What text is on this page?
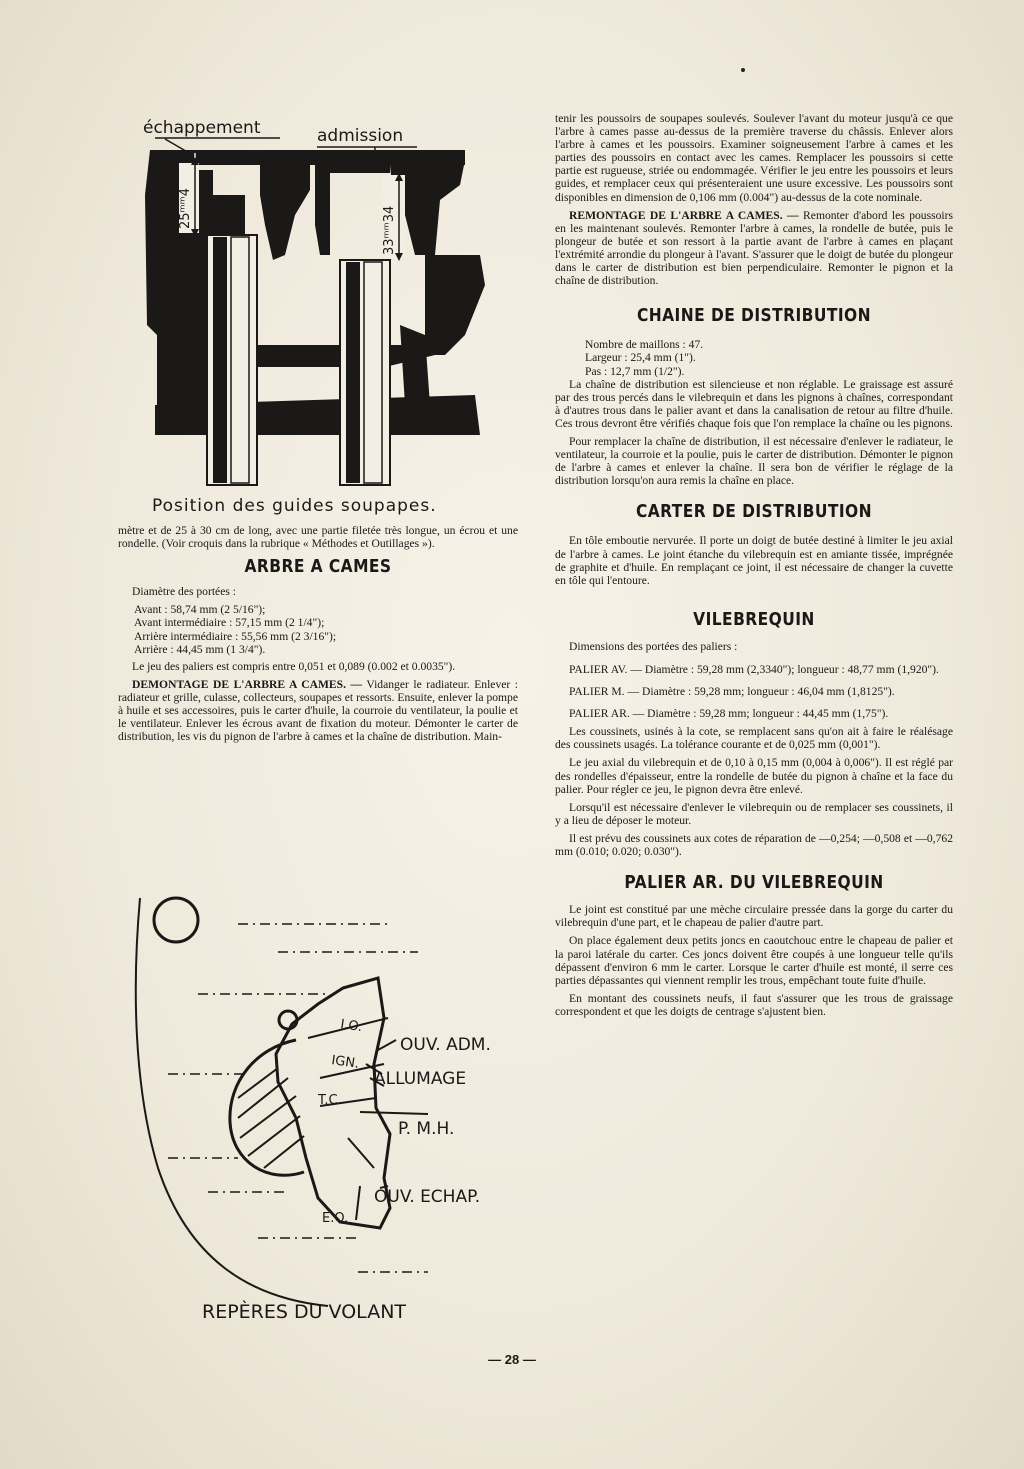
échappement	admission
25ᵐᵐ4	33ᵐᵐ34
Position des guides soupapes.

mètre et de 25 à 30 cm de long, avec une partie filetée très longue, un écrou et une rondelle. (Voir croquis dans la rubrique « Méthodes et Outillages »).

ARBRE A CAMES

Diamètre des portées :

Avant : 58,74 mm (2 5/16");
Avant intermédiaire : 57,15 mm (2 1/4");
Arrière intermédiaire : 55,56 mm (2 3/16");
Arrière : 44,45 mm (1 3/4").

Le jeu des paliers est compris entre 0,051 et 0,089 (0.002 et 0.0035").

DEMONTAGE DE L'ARBRE A CAMES. — Vidanger le radiateur. Enlever : radiateur et grille, culasse, collecteurs, soupapes et ressorts. Ensuite, enlever la pompe à huile et ses accessoires, puis le carter d'huile, la courroie du ventilateur, la poulie et le ventilateur. Enlever les écrous avant de fixation du moteur. Démonter le carter de distribution, les vis du pignon de l'arbre à cames et la chaîne de distribution. Main-

I.O.
IGN.
T.C.
E.O.
OUV. ADM.
ALLUMAGE
P. M.H.
OUV. ECHAP.
REPÈRES DU VOLANT

tenir les poussoirs de soupapes soulevés. Soulever l'avant du moteur jusqu'à ce que l'arbre à cames passe au-dessus de la première traverse du châssis. Enlever alors l'arbre à cames et les poussoirs. Examiner soigneusement l'arbre à cames et les parties des poussoirs en contact avec les cames. Remplacer les poussoirs si cette partie est rugueuse, striée ou endommagée. Vérifier le jeu entre les poussoirs et leurs guides, et remplacer ceux qui présenteraient une usure excessive. Les poussoirs sont disponibles en dimension de 0,106 mm (0.004") au-dessus de la cote nominale.

REMONTAGE DE L'ARBRE A CAMES. — Remonter d'abord les poussoirs en les maintenant soulevés. Remonter l'arbre à cames, la rondelle de butée, puis le plongeur de butée et son ressort à la partie avant de l'arbre à cames en plaçant l'extrémité arrondie du plongeur à l'avant. S'assurer que le doigt de butée du plongeur dans le carter de distribution est bien perpendiculaire. Remonter le pignon et la chaîne de distribution.

CHAINE DE DISTRIBUTION
Nombre de maillons : 47.
Largeur : 25,4 mm (1").
Pas : 12,7 mm (1/2").

La chaîne de distribution est silencieuse et non réglable. Le graissage est assuré par des trous percés dans le vilebrequin et dans les pignons à chaînes, correspondant à d'autres trous dans le palier avant et dans la canalisation de retour au filtre d'huile. Ces trous devront être vérifiés chaque fois que l'on remplace la chaîne ou les pignons.

Pour remplacer la chaîne de distribution, il est nécessaire d'enlever le radiateur, le ventilateur, la courroie et la poulie, puis le carter de distribution. Démonter le pignon de l'arbre à cames et enlever la chaîne. Il sera bon de vérifier le réglage de la distribution lorsqu'on aura remis la chaîne en place.

CARTER DE DISTRIBUTION

En tôle emboutie nervurée. Il porte un doigt de butée destiné à limiter le jeu axial de l'arbre à cames. Le joint étanche du vilebrequin est en amiante tissée, imprégnée de graphite et d'huile. En remplaçant ce joint, il est nécessaire de changer la cuvette en tôle qui l'entoure.

VILEBREQUIN

Dimensions des portées des paliers :

PALIER AV. — Diamètre : 59,28 mm (2,3340"); longueur : 48,77 mm (1,920").

PALIER M. — Diamètre : 59,28 mm; longueur : 46,04 mm (1,8125").

PALIER AR. — Diamètre : 59,28 mm; longueur : 44,45 mm (1,75").

Les coussinets, usinés à la cote, se remplacent sans qu'on ait à faire le réalésage des coussinets usagés. La tolérance courante et de 0,025 mm (0,001").

Le jeu axial du vilebrequin et de 0,10 à 0,15 mm (0,004 à 0,006"). Il est réglé par des rondelles d'épaisseur, entre la rondelle de butée du pignon à chaîne et la face du palier. Pour régler ce jeu, le pignon devra être enlevé.

Lorsqu'il est nécessaire d'enlever le vilebrequin ou de remplacer ses coussinets, il y a lieu de déposer le moteur.

Il est prévu des coussinets aux cotes de réparation de —0,254; —0,508 et —0,762 mm (0.010; 0.020; 0.030").

PALIER AR. DU VILEBREQUIN

Le joint est constitué par une mèche circulaire pressée dans la gorge du carter du vilebrequin d'une part, et le chapeau de palier d'autre part.

On place également deux petits joncs en caoutchouc entre le chapeau de palier et la paroi latérale du carter. Ces joncs doivent être coupés à une longueur telle qu'ils dépassent d'environ 6 mm le carter. Lorsque le carter d'huile est monté, il serre ces parties dépassantes qui viennent remplir les trous, empêchant toute fuite d'huile.

En montant des coussinets neufs, il faut s'assurer que les trous de graissage correspondent et que les doigts de centrage s'ajustent bien.

— 28 —
